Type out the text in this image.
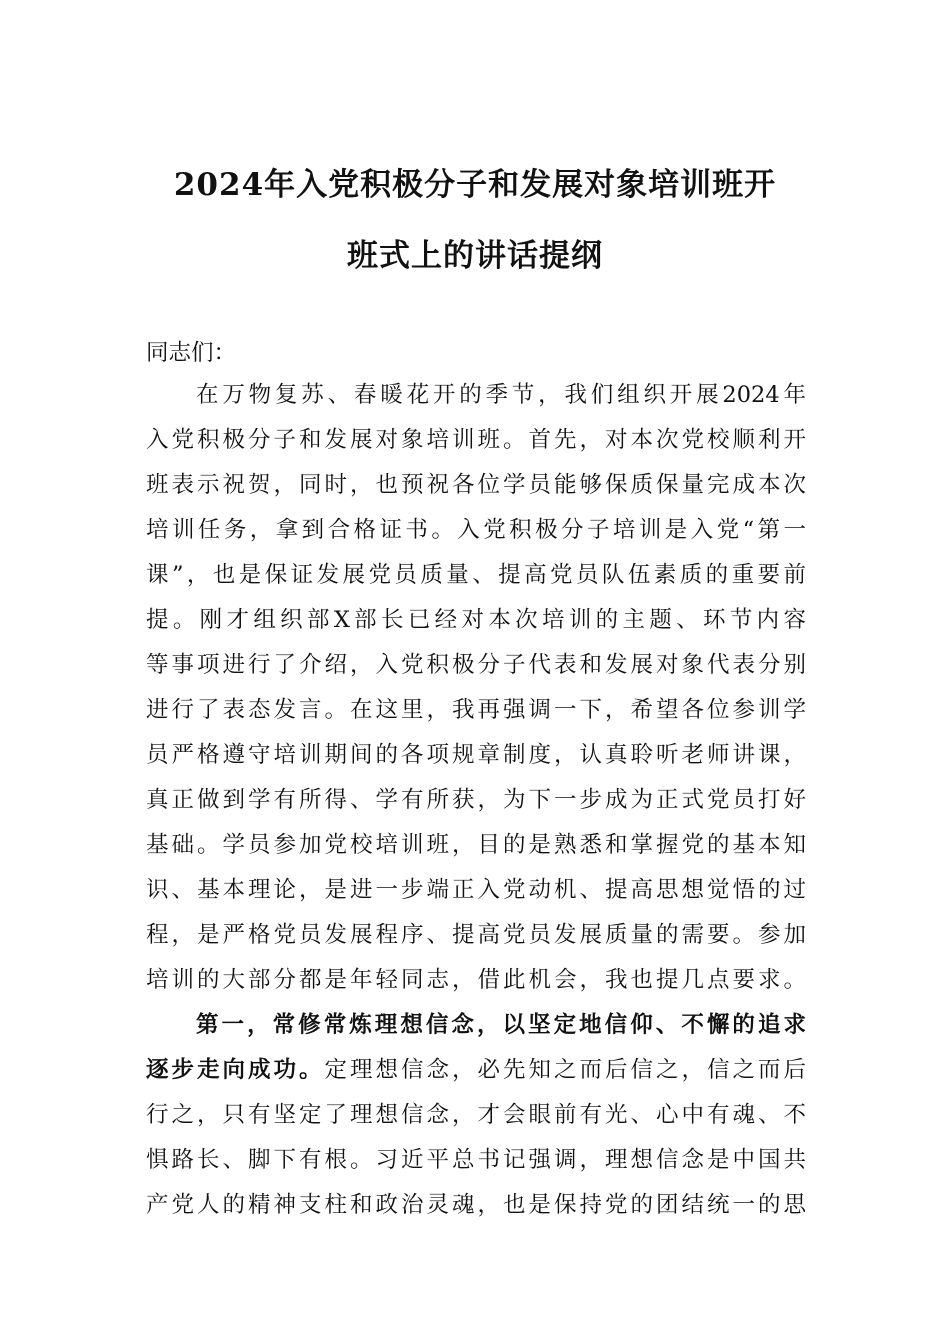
2024年入党积极分子和发展对象培训班开
班式上的讲话提纲
同志们：
在万物复苏、春暖花开的季节，我们组织开展2024年
入党积极分子和发展对象培训班。首先，对本次党校顺利开
班表示祝贺，同时，也预祝各位学员能够保质保量完成本次
培训任务，拿到合格证书。入党积极分子培训是入党“第一
课”，也是保证发展党员质量、提高党员队伍素质的重要前
提。刚才组织部X部长已经对本次培训的主题、环节内容
等事项进行了介绍，入党积极分子代表和发展对象代表分别
进行了表态发言。在这里，我再强调一下，希望各位参训学
员严格遵守培训期间的各项规章制度，认真聆听老师讲课，
真正做到学有所得、学有所获，为下一步成为正式党员打好
基础。学员参加党校培训班，目的是熟悉和掌握党的基本知
识、基本理论，是进一步端正入党动机、提高思想觉悟的过
程，是严格党员发展程序、提高党员发展质量的需要。参加
培训的大部分都是年轻同志，借此机会，我也提几点要求。
第一，常修常炼理想信念，以坚定地信仰、不懈的追求
逐步走向成功。定理想信念，必先知之而后信之，信之而后
行之，只有坚定了理想信念，才会眼前有光、心中有魂、不
惧路长、脚下有根。习近平总书记强调，理想信念是中国共
产党人的精神支柱和政治灵魂，也是保持党的团结统一的思
